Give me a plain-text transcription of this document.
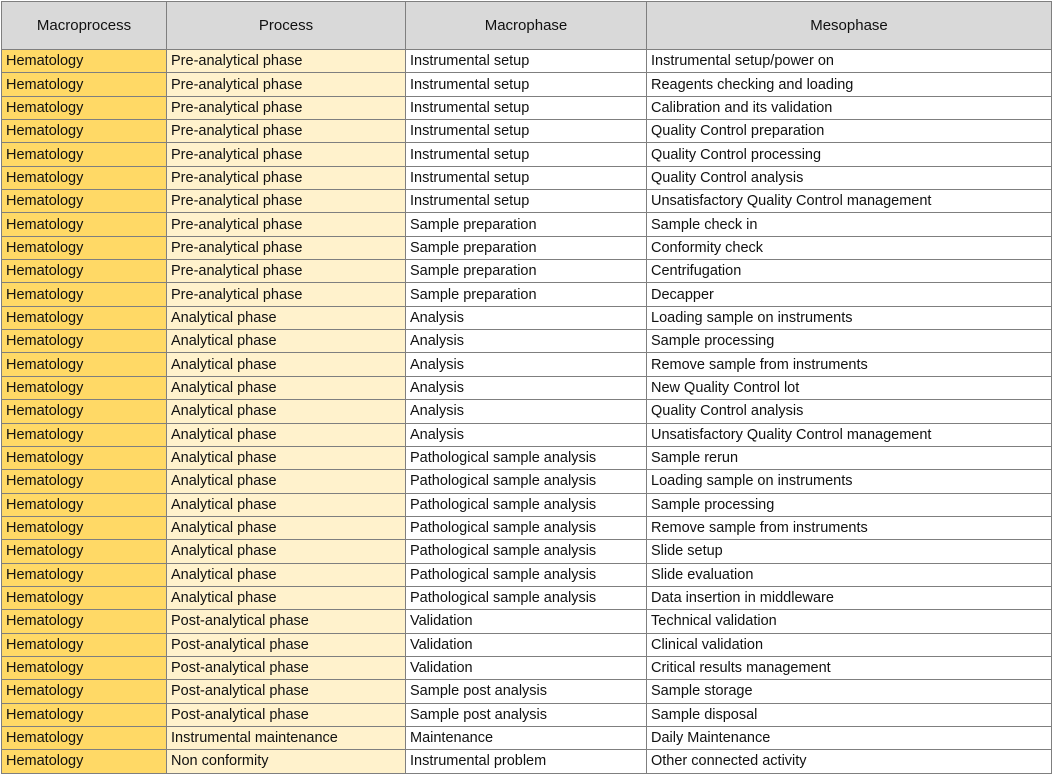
Macroprocess	Process	Macrophase	Mesophase
Hematology	Pre-analytical phase	Instrumental setup	Instrumental setup/power on
Hematology	Pre-analytical phase	Instrumental setup	Reagents checking and loading
Hematology	Pre-analytical phase	Instrumental setup	Calibration and its validation
Hematology	Pre-analytical phase	Instrumental setup	Quality Control preparation
Hematology	Pre-analytical phase	Instrumental setup	Quality Control processing
Hematology	Pre-analytical phase	Instrumental setup	Quality Control analysis
Hematology	Pre-analytical phase	Instrumental setup	Unsatisfactory Quality Control management
Hematology	Pre-analytical phase	Sample preparation	Sample check in
Hematology	Pre-analytical phase	Sample preparation	Conformity check
Hematology	Pre-analytical phase	Sample preparation	Centrifugation
Hematology	Pre-analytical phase	Sample preparation	Decapper
Hematology	Analytical phase	Analysis	Loading sample on instruments
Hematology	Analytical phase	Analysis	Sample processing
Hematology	Analytical phase	Analysis	Remove sample from instruments
Hematology	Analytical phase	Analysis	New Quality Control lot
Hematology	Analytical phase	Analysis	Quality Control analysis
Hematology	Analytical phase	Analysis	Unsatisfactory Quality Control management
Hematology	Analytical phase	Pathological sample analysis	Sample rerun
Hematology	Analytical phase	Pathological sample analysis	Loading sample on instruments
Hematology	Analytical phase	Pathological sample analysis	Sample processing
Hematology	Analytical phase	Pathological sample analysis	Remove sample from instruments
Hematology	Analytical phase	Pathological sample analysis	Slide setup
Hematology	Analytical phase	Pathological sample analysis	Slide evaluation
Hematology	Analytical phase	Pathological sample analysis	Data insertion in middleware
Hematology	Post-analytical phase	Validation	Technical validation
Hematology	Post-analytical phase	Validation	Clinical validation
Hematology	Post-analytical phase	Validation	Critical results management
Hematology	Post-analytical phase	Sample post analysis	Sample storage
Hematology	Post-analytical phase	Sample post analysis	Sample disposal
Hematology	Instrumental maintenance	Maintenance	Daily Maintenance
Hematology	Non conformity	Instrumental problem	Other connected activity
